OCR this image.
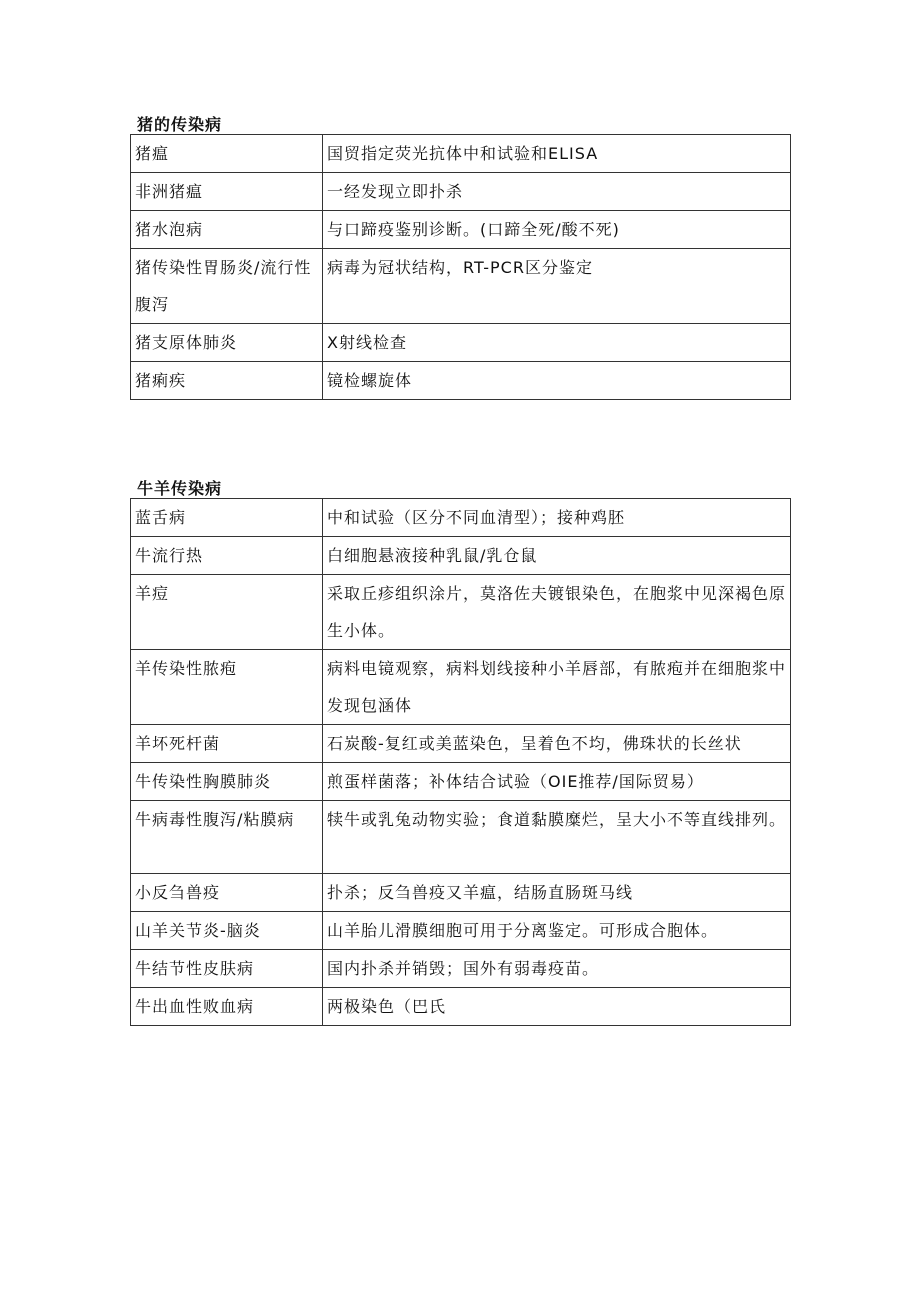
猪的传染病
猪瘟	国贸指定荧光抗体中和试验和ELISA
非洲猪瘟	一经发现立即扑杀
猪水泡病	与口蹄疫鉴别诊断。(口蹄全死/酸不死)
猪传染性胃肠炎/流行性腹泻	病毒为冠状结构，RT-PCR区分鉴定
猪支原体肺炎	X射线检查
猪痢疾	镜检螺旋体
牛羊传染病
蓝舌病	中和试验（区分不同血清型）；接种鸡胚
牛流行热	白细胞悬液接种乳鼠/乳仓鼠
羊痘	采取丘疹组织涂片，莫洛佐夫镀银染色，在胞浆中见深褐色原生小体。
羊传染性脓疱	病料电镜观察，病料划线接种小羊唇部，有脓疱并在细胞浆中发现包涵体
羊坏死杆菌	石炭酸-复红或美蓝染色，呈着色不均，佛珠状的长丝状
牛传染性胸膜肺炎	煎蛋样菌落；补体结合试验（OIE推荐/国际贸易）
牛病毒性腹泻/粘膜病	犊牛或乳兔动物实验；食道黏膜糜烂，呈大小不等直线排列。
小反刍兽疫	扑杀；反刍兽疫又羊瘟，结肠直肠斑马线
山羊关节炎-脑炎	山羊胎儿滑膜细胞可用于分离鉴定。可形成合胞体。
牛结节性皮肤病	国内扑杀并销毁；国外有弱毒疫苗。
牛出血性败血病	两极染色（巴氏
